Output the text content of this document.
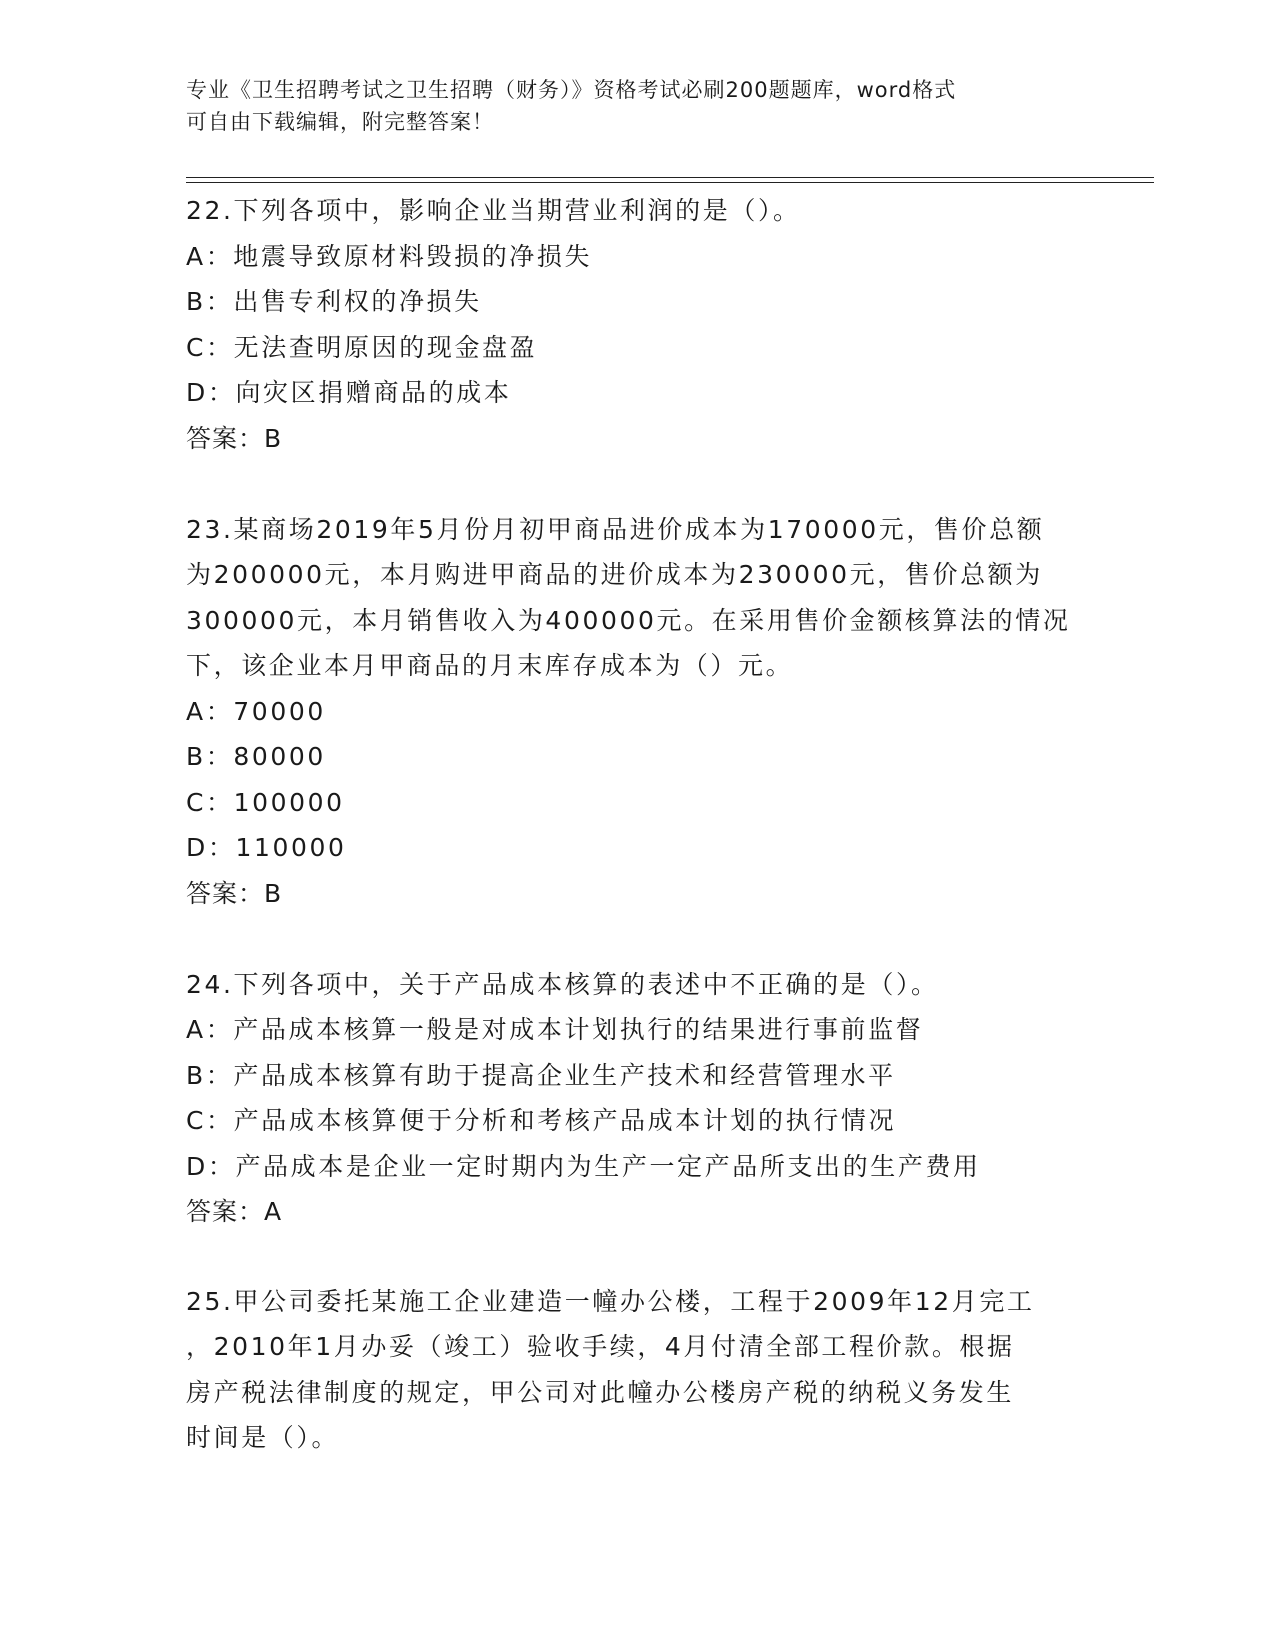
专业《卫生招聘考试之卫生招聘（财务）》资格考试必刷200题题库，word格式
可自由下载编辑，附完整答案！
22.下列各项中，影响企业当期营业利润的是（）。
A：地震导致原材料毁损的净损失
B：出售专利权的净损失
C：无法查明原因的现金盘盈
D：向灾区捐赠商品的成本
答案：B
23.某商场2019年5月份月初甲商品进价成本为170000元，售价总额
为200000元，本月购进甲商品的进价成本为230000元，售价总额为
300000元，本月销售收入为400000元。在采用售价金额核算法的情况
下，该企业本月甲商品的月末库存成本为（）元。
A：70000
B：80000
C：100000
D：110000
答案：B
24.下列各项中，关于产品成本核算的表述中不正确的是（）。
A：产品成本核算一般是对成本计划执行的结果进行事前监督
B：产品成本核算有助于提高企业生产技术和经营管理水平
C：产品成本核算便于分析和考核产品成本计划的执行情况
D：产品成本是企业一定时期内为生产一定产品所支出的生产费用
答案：A
25.甲公司委托某施工企业建造一幢办公楼，工程于2009年12月完工
，2010年1月办妥（竣工）验收手续，4月付清全部工程价款。根据
房产税法律制度的规定，甲公司对此幢办公楼房产税的纳税义务发生
时间是（）。
